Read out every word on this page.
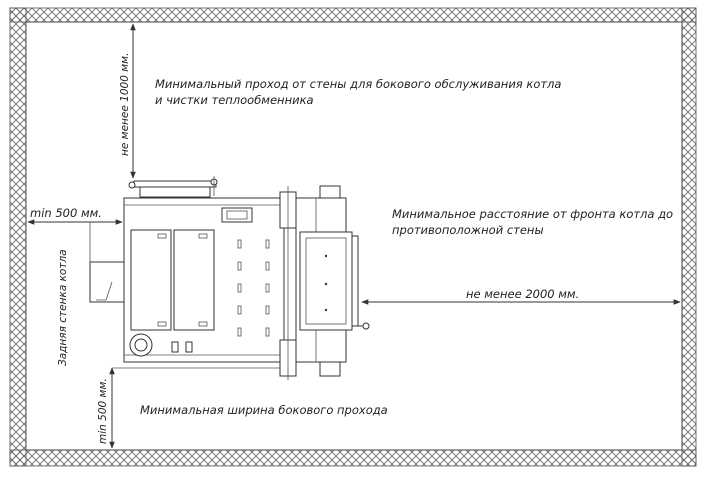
Минимальный проход от стены для бокового обслуживания котла
и чистки теплообменника
не менее 1000 мм.
min 500 мм.
Задняя стенка котла
Минимальное расстояние от фронта котла до
противоположной стены
не менее 2000 мм.
min 500 мм.	Минимальная ширина бокового прохода
